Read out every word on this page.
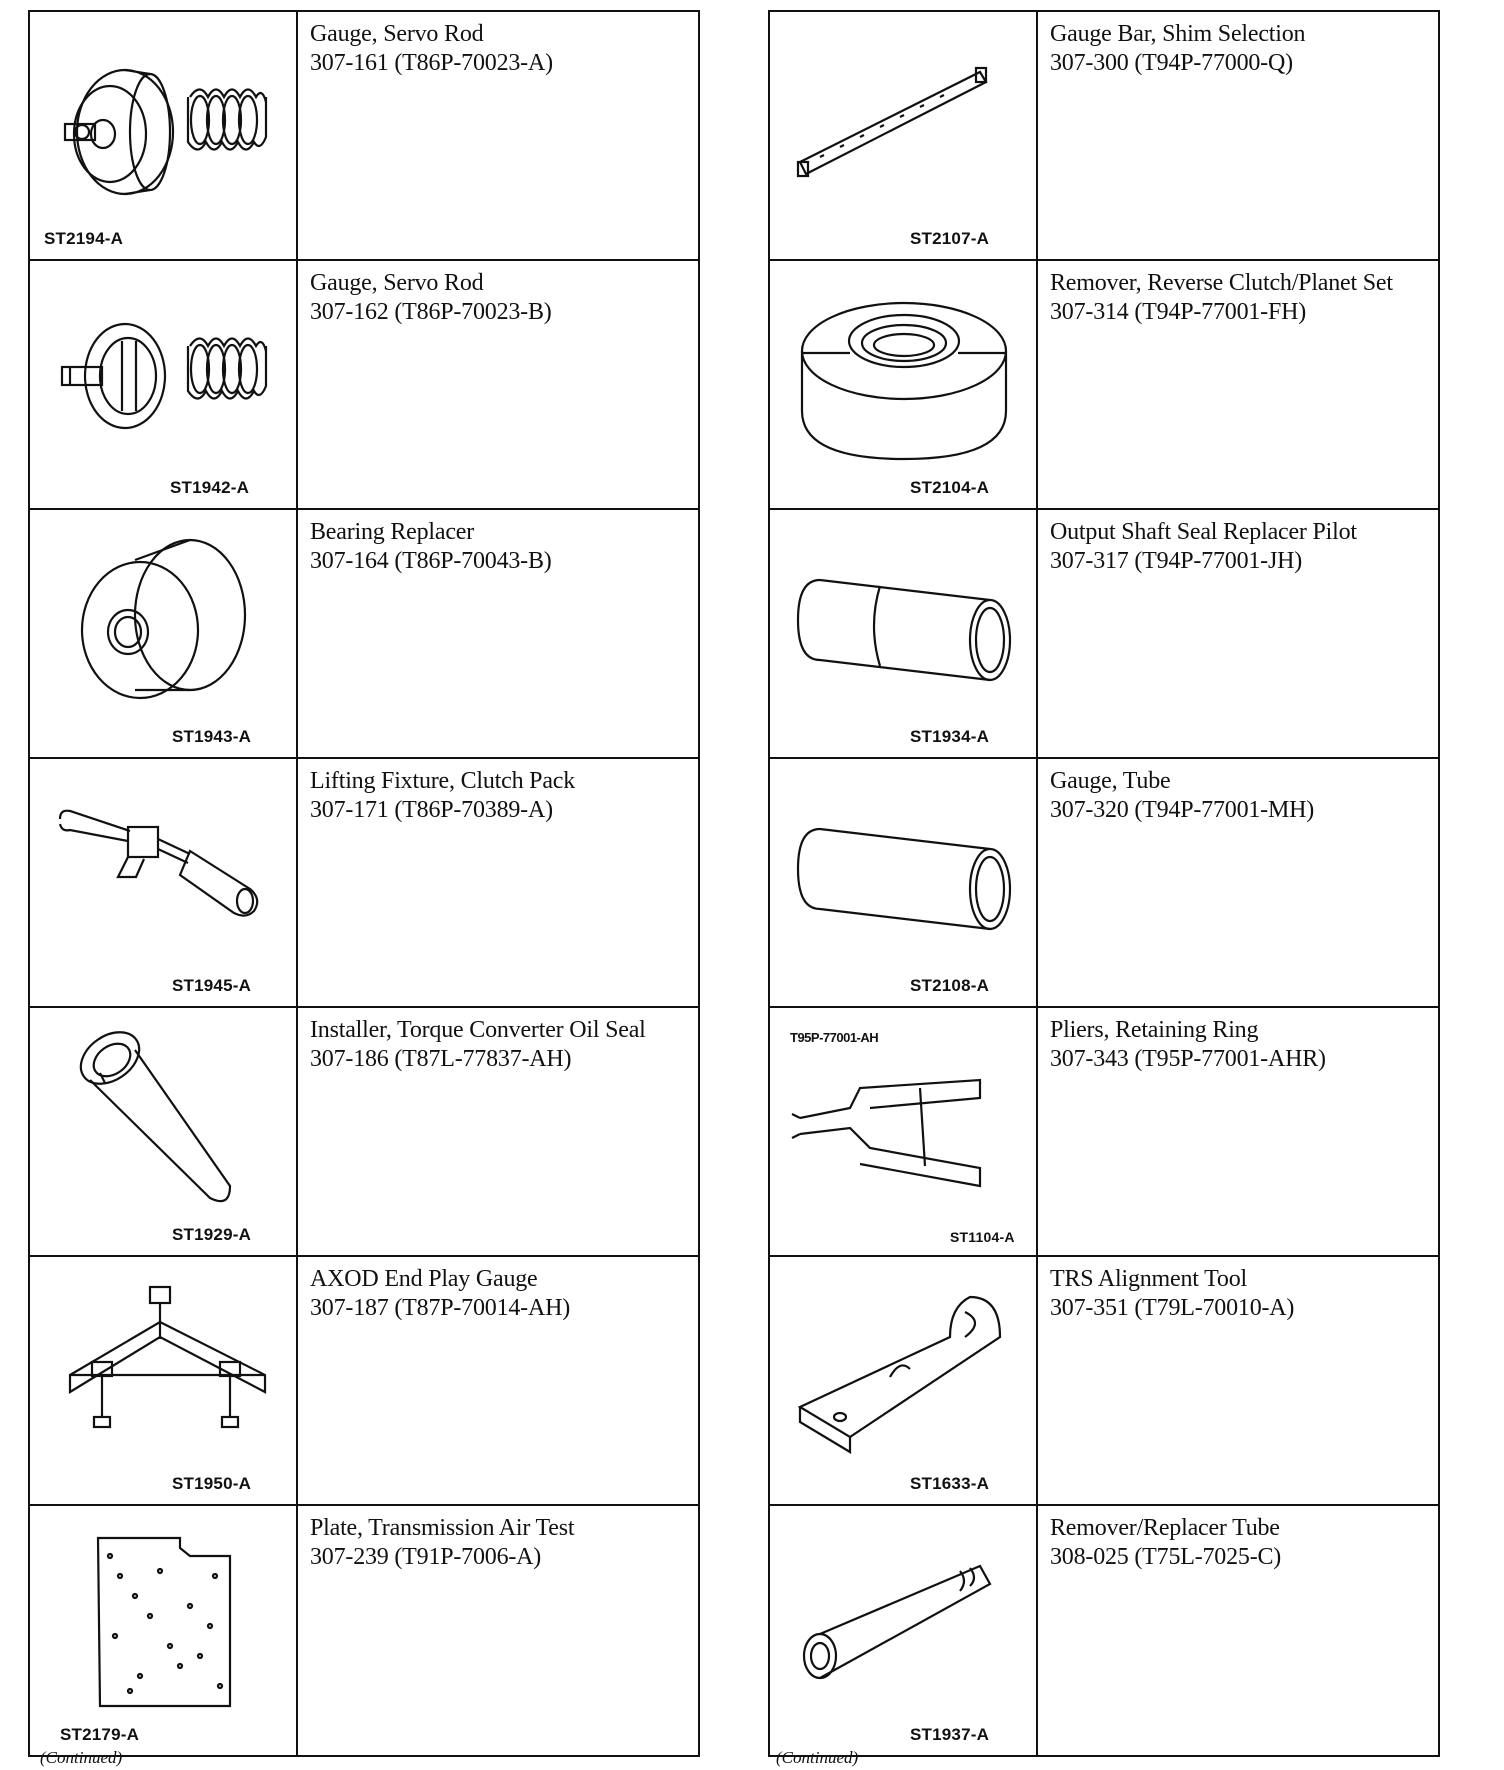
ST2194-A
Gauge, Servo Rod
307-161 (T86P-70023-A)
ST1942-A
Gauge, Servo Rod
307-162 (T86P-70023-B)
ST1943-A
Bearing Replacer
307-164 (T86P-70043-B)
ST1945-A
Lifting Fixture, Clutch Pack
307-171 (T86P-70389-A)
ST1929-A
Installer, Torque Converter Oil Seal
307-186 (T87L-77837-AH)
ST1950-A
AXOD End Play Gauge
307-187 (T87P-70014-AH)
ST2179-A
Plate, Transmission Air Test
307-239 (T91P-7006-A)
ST2107-A
Gauge Bar, Shim Selection
307-300 (T94P-77000-Q)
ST2104-A
Remover, Reverse Clutch/Planet Set
307-314 (T94P-77001-FH)
ST1934-A
Output Shaft Seal Replacer Pilot
307-317 (T94P-77001-JH)
ST2108-A
Gauge, Tube
307-320 (T94P-77001-MH)
T95P-77001-AH
ST1104-A
Pliers, Retaining Ring
307-343 (T95P-77001-AHR)
ST1633-A
TRS Alignment Tool
307-351 (T79L-70010-A)
ST1937-A
Remover/Replacer Tube
308-025 (T75L-7025-C)
(Continued)	(Continued)
